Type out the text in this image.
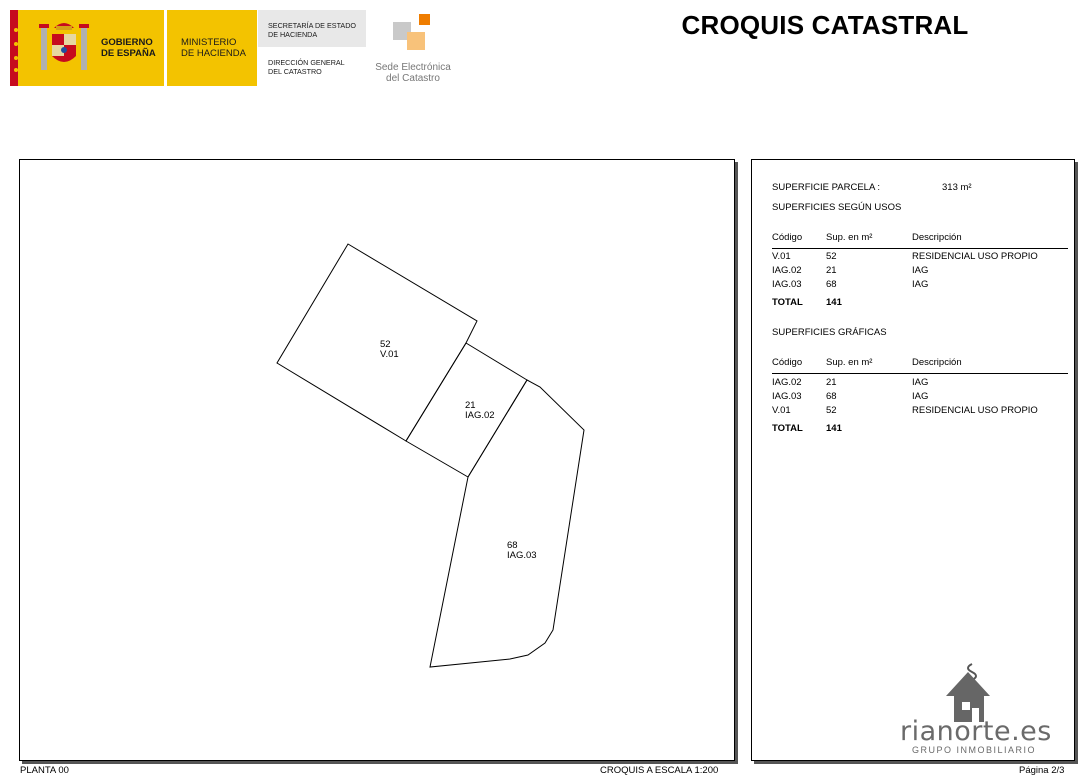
GOBIERNO
DE ESPAÑA
MINISTERIO
DE HACIENDA
SECRETARÍA DE ESTADO
DE HACIENDA
DIRECCIÓN GENERAL
DEL CATASTRO	Sede Electrónica
del Catastro
CROQUIS CATASTRAL
52
V.01
21
IAG.02
68
IAG.03
SUPERFICIE PARCELA :	313 m²
SUPERFICIES SEGÚN USOS
Código	Sup. en m²	Descripción
V.01	52	RESIDENCIAL USO PROPIO
IAG.02	21	IAG
IAG.03	68	IAG
TOTAL 141
SUPERFICIES GRÁFICAS
Código	Sup. en m²	Descripción
IAG.02	21	IAG
IAG.03	68	IAG
V.01	52	RESIDENCIAL USO PROPIO
TOTAL 141
rianorte.es
GRUPO INMOBILIARIO
PLANTA 00	CROQUIS A ESCALA 1:200	Página 2/3
